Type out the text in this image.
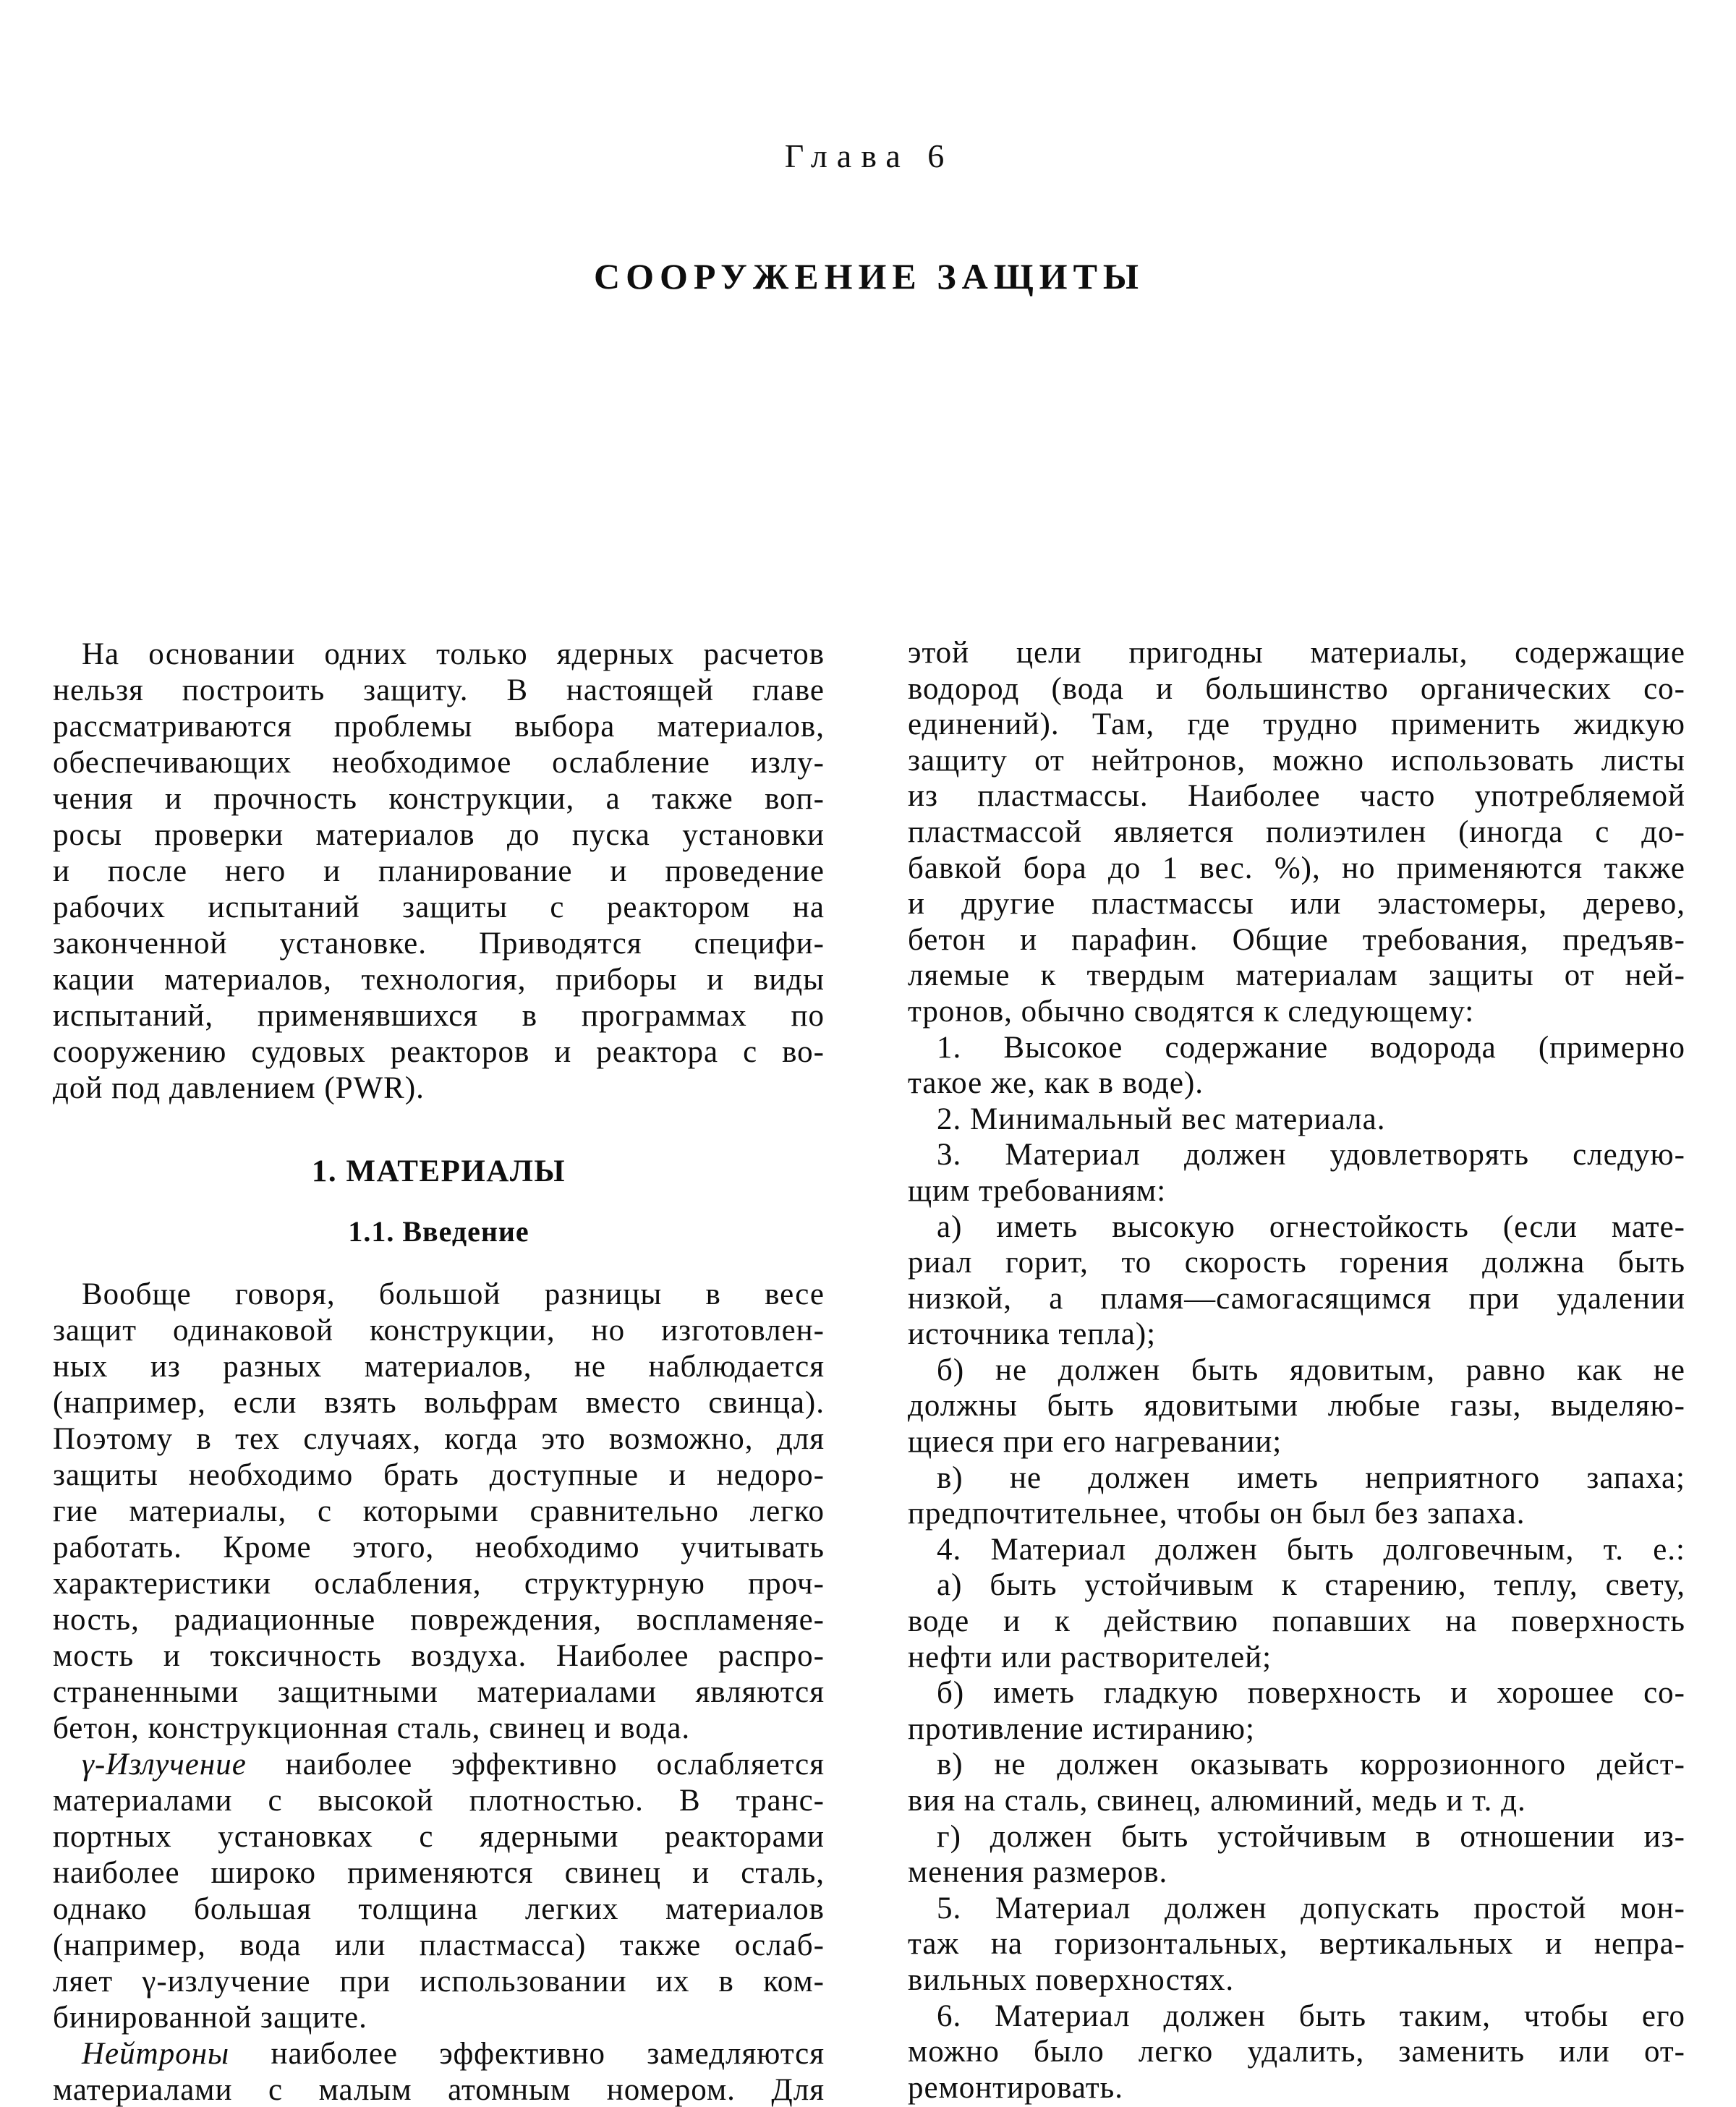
Глава 6
СООРУЖЕНИЕ ЗАЩИТЫ
На основании одних только ядерных расчетов
нельзя построить защиту. В настоящей главе
рассматриваются проблемы выбора материалов,
обеспечивающих необходимое ослабление излу-
чения и прочность конструкции, а также воп-
росы проверки материалов до пуска установки
и после него и планирование и проведение
рабочих испытаний защиты с реактором на
законченной установке. Приводятся специфи-
кации материалов, технология, приборы и виды
испытаний, применявшихся в программах по
сооружению судовых реакторов и реактора с во-
дой под давлением (PWR).
1. МАТЕРИАЛЫ
1.1. Введение
Вообще говоря, большой разницы в весе
защит одинаковой конструкции, но изготовлен-
ных из разных материалов, не наблюдается
(например, если взять вольфрам вместо свинца).
Поэтому в тех случаях, когда это возможно, для
защиты необходимо брать доступные и недоро-
гие материалы, с которыми сравнительно легко
работать. Кроме этого, необходимо учитывать
характеристики ослабления, структурную проч-
ность, радиационные повреждения, воспламеняе-
мость и токсичность воздуха. Наиболее распро-
страненными защитными материалами являются
бетон, конструкционная сталь, свинец и вода.
γ-Излучение наиболее эффективно ослабляется
материалами с высокой плотностью. В транс-
портных установках с ядерными реакторами
наиболее широко применяются свинец и сталь,
однако большая толщина легких материалов
(например, вода или пластмасса) также ослаб-
ляет γ-излучение при использовании их в ком-
бинированной защите.
Нейтроны наиболее эффективно замедляются
материалами с малым атомным номером. Для
этой цели пригодны материалы, содержащие
водород (вода и большинство органических со-
единений). Там, где трудно применить жидкую
защиту от нейтронов, можно использовать листы
из пластмассы. Наиболее часто употребляемой
пластмассой является полиэтилен (иногда с до-
бавкой бора до 1 вес. %), но применяются также
и другие пластмассы или эластомеры, дерево,
бетон и парафин. Общие требования, предъяв-
ляемые к твердым материалам защиты от ней-
тронов, обычно сводятся к следующему:
1. Высокое содержание водорода (примерно
такое же, как в воде).
2. Минимальный вес материала.
3. Материал должен удовлетворять следую-
щим требованиям:
а) иметь высокую огнестойкость (если мате-
риал горит, то скорость горения должна быть
низкой, а пламя—самогасящимся при удалении
источника тепла);
б) не должен быть ядовитым, равно как не
должны быть ядовитыми любые газы, выделяю-
щиеся при его нагревании;
в) не должен иметь неприятного запаха;
предпочтительнее, чтобы он был без запаха.
4. Материал должен быть долговечным, т. е.:
а) быть устойчивым к старению, теплу, свету,
воде и к действию попавших на поверхность
нефти или растворителей;
б) иметь гладкую поверхность и хорошее со-
противление истиранию;
в) не должен оказывать коррозионного дейст-
вия на сталь, свинец, алюминий, медь и т. д.
г) должен быть устойчивым в отношении из-
менения размеров.
5. Материал должен допускать простой мон-
таж на горизонтальных, вертикальных и непра-
вильных поверхностях.
6. Материал должен быть таким, чтобы его
можно было легко удалить, заменить или от-
ремонтировать.
